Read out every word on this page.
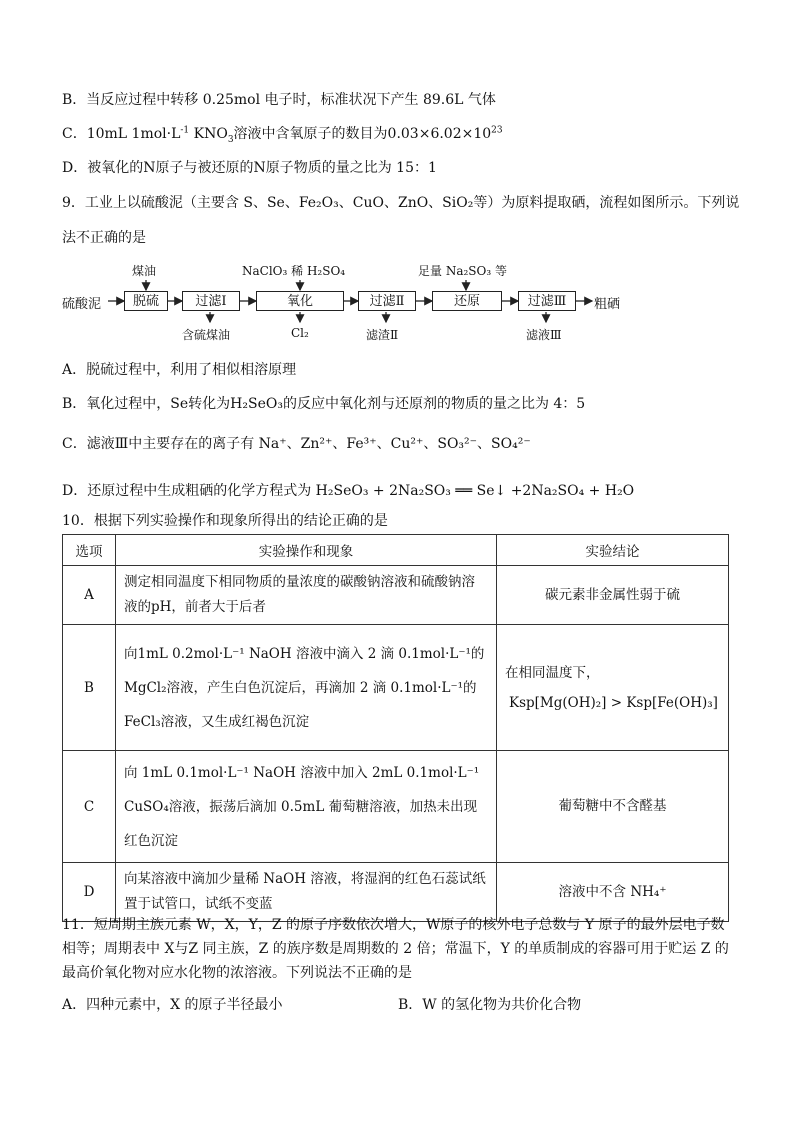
B．当反应过程中转移 0.25mol 电子时，标准状况下产生 89.6L 气体
C．10mL $1mol\cdot L^{-1}$ $KNO_3$溶液中含氧原子的数目为$0.03\times 6.02\times 10^{23}$
D．被氧化的N原子与被还原的N原子物质的量之比为 15：1
9．工业上以硫酸泥（主要含 S、Se、Fe₂O₃、CuO、ZnO、SiO₂等）为原料提取硒，流程如图所示。下列说
法不正确的是
硫酸泥	脱硫	过滤Ⅰ	氧化	过滤Ⅱ	还原	过滤Ⅲ	粗硒
煤油	NaClO₃ 稀 H₂SO₄	足量 Na₂SO₃ 等
含硫煤油	Cl₂	滤渣Ⅱ	滤液Ⅲ
A．脱硫过程中，利用了相似相溶原理
B．氧化过程中，Se转化为H₂SeO₃的反应中氧化剂与还原剂的物质的量之比为 4：5
C．滤液Ⅲ中主要存在的离子有 Na⁺、Zn²⁺、Fe³⁺、Cu²⁺、SO₃²⁻、SO₄²⁻
D．还原过程中生成粗硒的化学方程式为 H₂SeO₃ + 2Na₂SO₃ ══ Se↓ +2Na₂SO₄ + H₂O
10．根据下列实验操作和现象所得出的结论正确的是
选项	实验操作和现象	实验结论
A	测定相同温度下相同物质的量浓度的碳酸钠溶液和硫酸钠溶液的pH，前者大于后者	碳元素非金属性弱于硫
B	向1mL 0.2mol·L⁻¹ NaOH 溶液中滴入 2 滴 0.1mol·L⁻¹的 MgCl₂溶液，产生白色沉淀后，再滴加 2 滴 0.1mol·L⁻¹的 FeCl₃溶液，又生成红褐色沉淀	在相同温度下，
Ksp[Mg(OH)₂] > Ksp[Fe(OH)₃]

C	向 1mL 0.1mol·L⁻¹ NaOH 溶液中加入 2mL 0.1mol·L⁻¹ CuSO₄溶液，振荡后滴加 0.5mL 葡萄糖溶液，加热未出现红色沉淀	葡萄糖中不含醛基
D	向某溶液中滴加少量稀 NaOH 溶液，将湿润的红色石蕊试纸置于试管口，试纸不变蓝	溶液中不含 NH₄⁺
11．短周期主族元素 W，X，Y，Z 的原子序数依次增大，W原子的核外电子总数与 Y 原子的最外层电子数相等；周期表中 X与Z 同主族，Z 的族序数是周期数的 2 倍；常温下，Y 的单质制成的容器可用于贮运 Z 的最高价氧化物对应水化物的浓溶液。下列说法不正确的是
A．四种元素中，X 的原子半径最小	B．W 的氢化物为共价化合物
